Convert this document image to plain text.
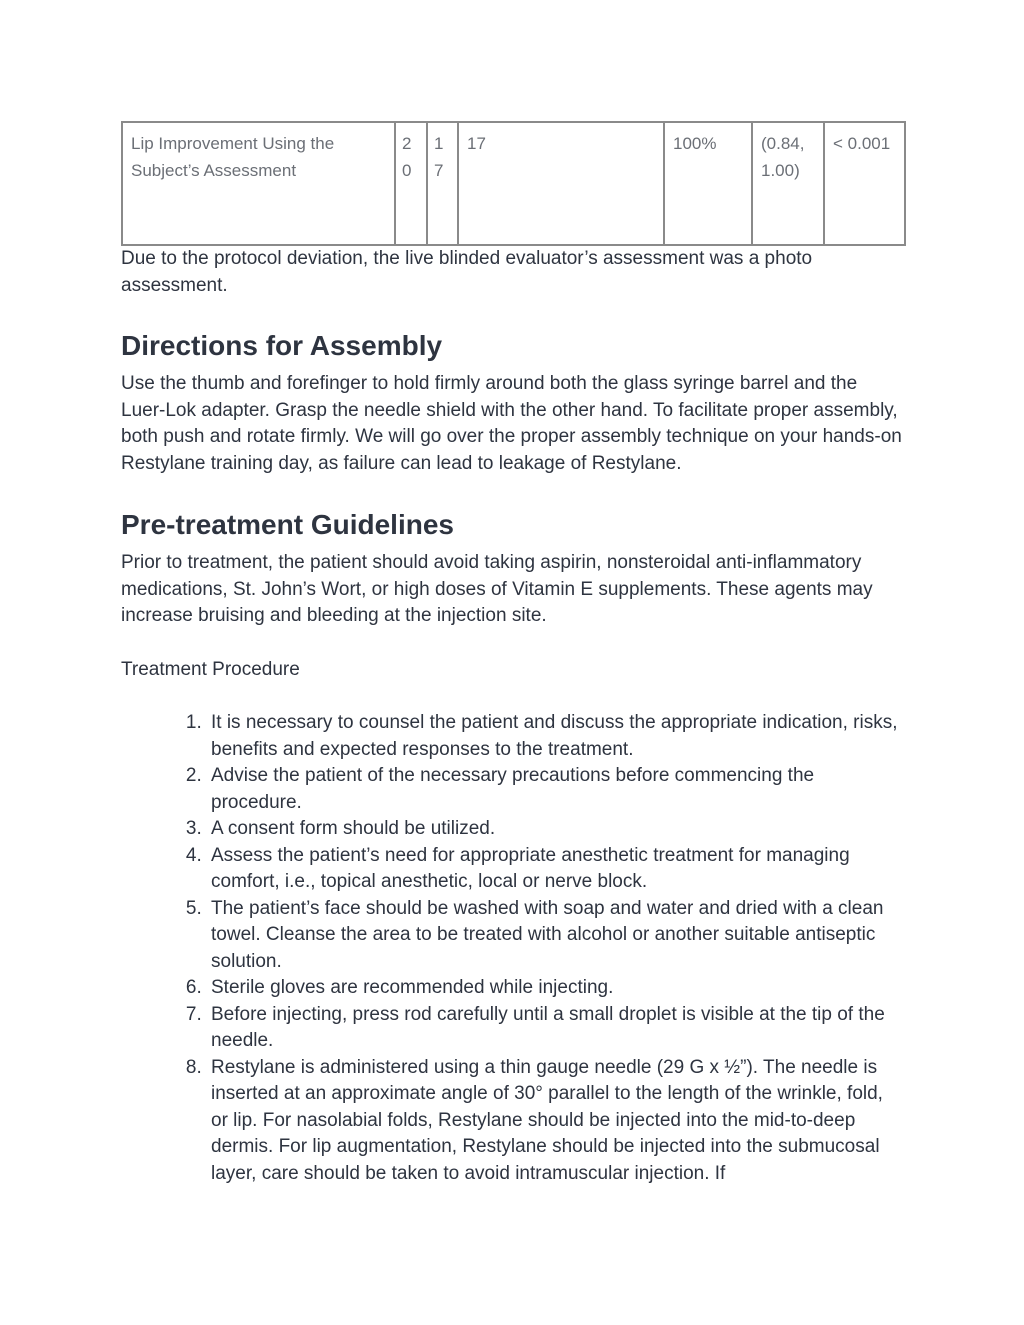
Lip Improvement Using the Subject’s Assessment	20	17	17	100%	(0.84, 1.00)	< 0.001

Due to the protocol deviation, the live blinded evaluator’s assessment was a photo assessment.

Directions for Assembly

Use the thumb and forefinger to hold firmly around both the glass syringe barrel and the Luer-Lok adapter. Grasp the needle shield with the other hand. To facilitate proper assembly, both push and rotate firmly. We will go over the proper assembly technique on your hands-on Restylane training day, as failure can lead to leakage of Restylane.

Pre-treatment Guidelines

Prior to treatment, the patient should avoid taking aspirin, nonsteroidal anti-inflammatory medications, St. John’s Wort, or high doses of Vitamin E supplements. These agents may increase bruising and bleeding at the injection site.

Treatment Procedure

1. It is necessary to counsel the patient and discuss the appropriate indication, risks, benefits and expected responses to the treatment.
2. Advise the patient of the necessary precautions before commencing the procedure.
3. A consent form should be utilized.
4. Assess the patient’s need for appropriate anesthetic treatment for managing comfort, i.e., topical anesthetic, local or nerve block.
5. The patient’s face should be washed with soap and water and dried with a clean towel. Cleanse the area to be treated with alcohol or another suitable antiseptic solution.
6. Sterile gloves are recommended while injecting.
7. Before injecting, press rod carefully until a small droplet is visible at the tip of the needle.
8. Restylane is administered using a thin gauge needle (29 G x ½”). The needle is inserted at an approximate angle of 30° parallel to the length of the wrinkle, fold, or lip. For nasolabial folds, Restylane should be injected into the mid-to-deep dermis. For lip augmentation, Restylane should be injected into the submucosal layer, care should be taken to avoid intramuscular injection. If
